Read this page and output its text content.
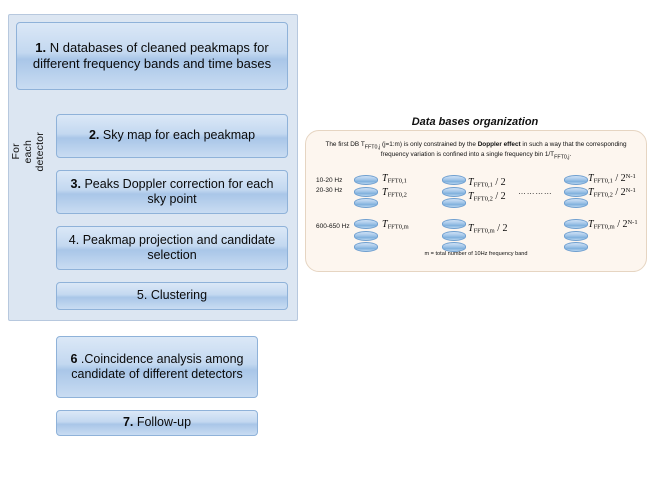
For each detector
1. N databases of cleaned peakmaps for different frequency bands and time bases
2. Sky map for each peakmap
3. Peaks Doppler correction for each sky point
4. Peakmap projection and candidate selection
5. Clustering
6 .Coincidence analysis among candidate of different detectors
7. Follow-up
Data bases organization
The first DB $T_{FFT0,j}$ (j=1:m) is only constrained by the Doppler effect in such a way that the corresponding frequency variation is confined into a single frequency bin $1/T_{FFT0,j}$.
10-20 Hz
20-30 Hz
600-650 Hz
$T_{FFT0,1}$
$T_{FFT0,2}$
$T_{FFT0,m}$
$T_{FFT0,1} / 2$
$T_{FFT0,2} / 2$
$T_{FFT0,m} / 2$
$T_{FFT0,1} / 2^{N-1}$
$T_{FFT0,2} / 2^{N-1}$
$T_{FFT0,m} / 2^{N-1}$
…………
m = total number of 10Hz frequency band
